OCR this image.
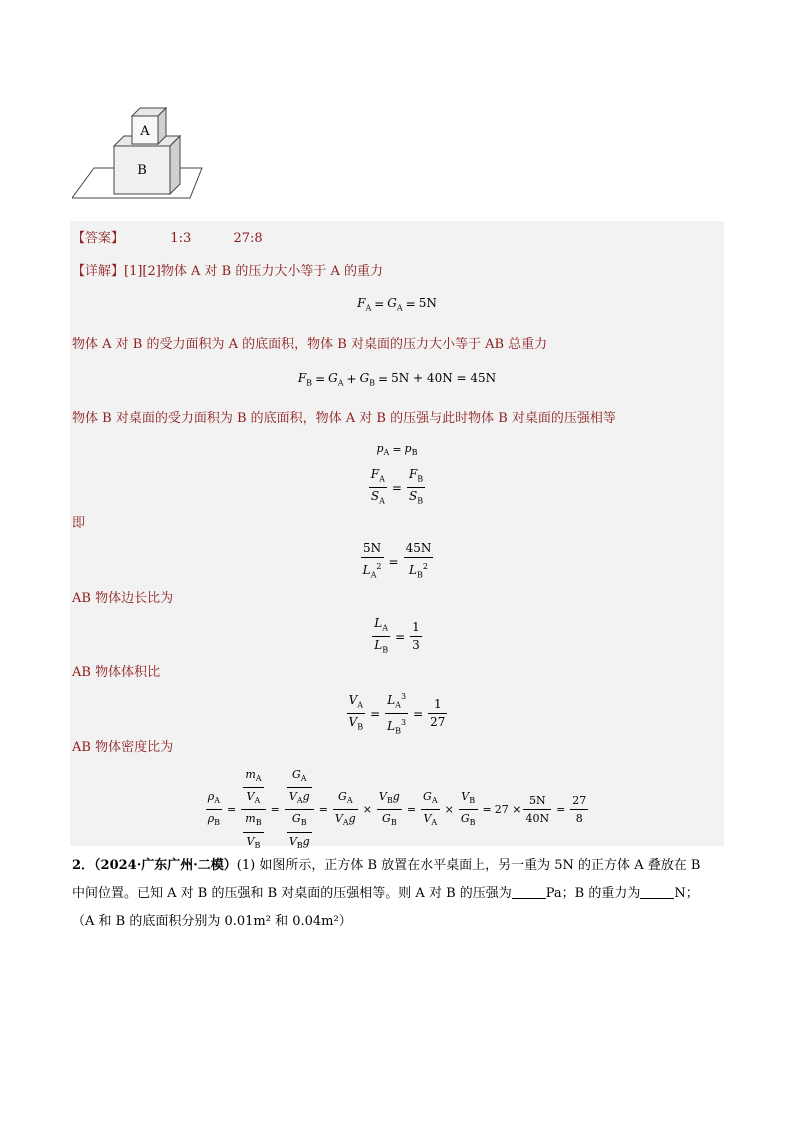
A
B
【答案】	1:3	27:8
【详解】[1][2]物体 A 对 B 的压力大小等于 A 的重力
$F_A = G_A = 5N$
物体 A 对 B 的受力面积为 A 的底面积，物体 B 对桌面的压力大小等于 AB 总重力
$F_B = G_A + G_B = 5N + 40N = 45N$
物体 B 对桌面的受力面积为 B 的底面积，物体 A 对 B 的压强与此时物体 B 对桌面的压强相等
$p_A = p_B$
$\frac{F_A}{S_A} = \frac{F_B}{S_B}$
即
$\frac{5N}{L_A^2} = \frac{45N}{L_B^2}$
AB 物体边长比为
$\frac{L_A}{L_B} = \frac{1}{3}$
AB 物体体积比
$\frac{V_A}{V_B} = \frac{L_A^3}{L_B^3} = \frac{1}{27}$
AB 物体密度比为
$\frac{\rho_A}{\rho_B} = \frac{\frac{m_A}{V_A}}{\frac{m_B}{V_B}} = \frac{\frac{G_A}{V_Ag}}{\frac{G_B}{V_Bg}} = \frac{G_A}{V_Ag} \times \frac{V_Bg}{G_B} = \frac{G_A}{V_A} \times \frac{V_B}{G_B} = 27 \times \frac{5N}{40N} = \frac{27}{8}$
2．（2024·广东广州·二模）(1) 如图所示，正方体 B 放置在水平桌面上，另一重为 5N 的正方体 A 叠放在 B
中间位置。已知 A 对 B 的压强和 B 对桌面的压强相等。则 A 对 B 的压强为	Pa；B 的重力为	N；
（A 和 B 的底面积分别为 0.01m² 和 0.04m²）
